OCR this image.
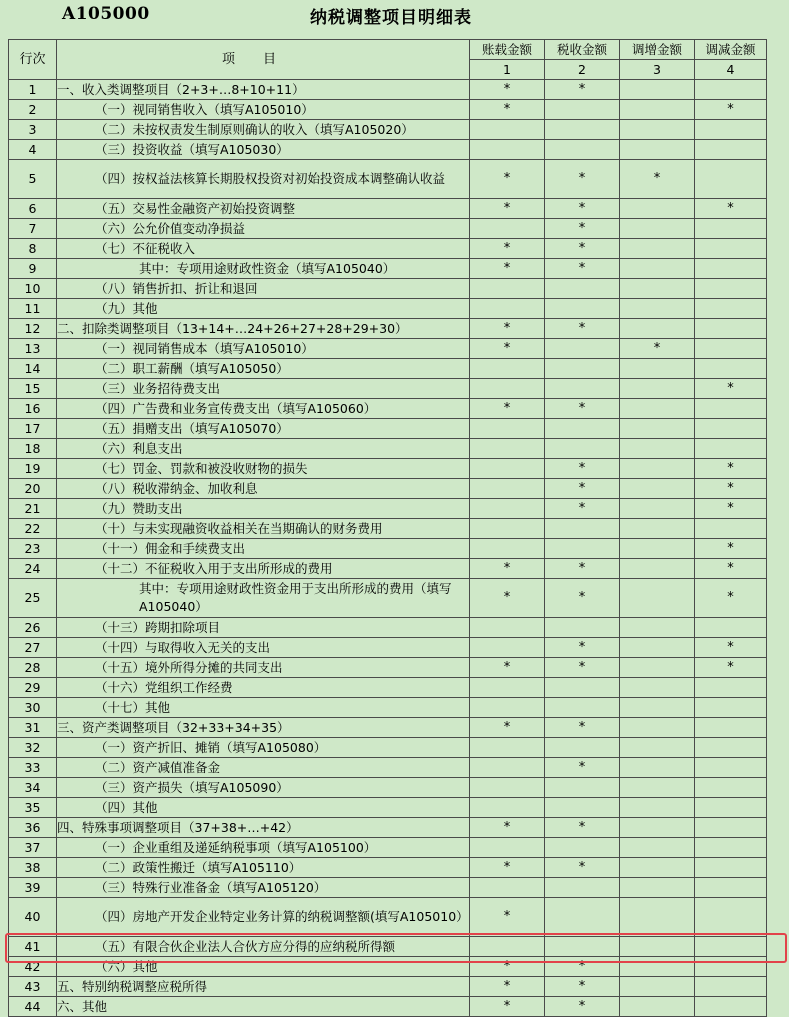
A105000	纳税调整项目明细表
行次	项目	账载金额	税收金额	调增金额	调减金额
		1	2	3	4
1	一、收入类调整项目（2+3+…8+10+11）	*	*		
2	（一）视同销售收入（填写A105010）	*			*
3	（二）未按权责发生制原则确认的收入（填写A105020）				
4	（三）投资收益（填写A105030）				
5	（四）按权益法核算长期股权投资对初始投资成本调整确认收益	*	*	*	
6	（五）交易性金融资产初始投资调整	*	*		*
7	（六）公允价值变动净损益		*		
8	（七）不征税收入	*	*		
9	其中：专项用途财政性资金（填写A105040）	*	*		
10	（八）销售折扣、折让和退回				
11	（九）其他				
12	二、扣除类调整项目（13+14+…24+26+27+28+29+30）	*	*		
13	（一）视同销售成本（填写A105010）	*		*	
14	（二）职工薪酬（填写A105050）				
15	（三）业务招待费支出				*
16	（四）广告费和业务宣传费支出（填写A105060）	*	*		
17	（五）捐赠支出（填写A105070）				
18	（六）利息支出				
19	（七）罚金、罚款和被没收财物的损失		*		*
20	（八）税收滞纳金、加收利息		*		*
21	（九）赞助支出		*		*
22	（十）与未实现融资收益相关在当期确认的财务费用				
23	（十一）佣金和手续费支出				*
24	（十二）不征税收入用于支出所形成的费用	*	*		*
25	其中：专项用途财政性资金用于支出所形成的费用（填写A105040）	*	*		*
26	（十三）跨期扣除项目				
27	（十四）与取得收入无关的支出		*		*
28	（十五）境外所得分摊的共同支出	*	*		*
29	（十六）党组织工作经费				
30	（十七）其他				
31	三、资产类调整项目（32+33+34+35）	*	*		
32	（一）资产折旧、摊销（填写A105080）				
33	（二）资产减值准备金		*		
34	（三）资产损失（填写A105090）				
35	（四）其他				
36	四、特殊事项调整项目（37+38+…+42）	*	*		
37	（一）企业重组及递延纳税事项（填写A105100）				
38	（二）政策性搬迁（填写A105110）	*	*		
39	（三）特殊行业准备金（填写A105120）				
40	（四）房地产开发企业特定业务计算的纳税调整额(填写A105010）	*			
41	（五）有限合伙企业法人合伙方应分得的应纳税所得额				
42	（六）其他	*	*		
43	五、特别纳税调整应税所得	*	*		
44	六、其他	*	*		
